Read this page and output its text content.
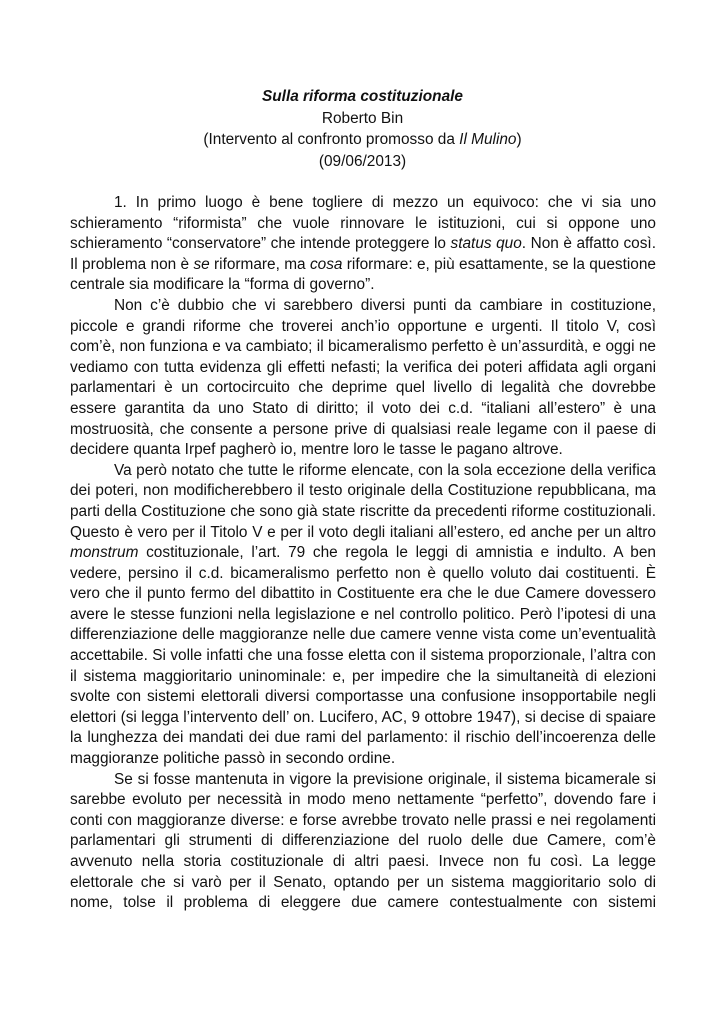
Sulla riforma costituzionale
Roberto Bin
(Intervento al confronto promosso da Il Mulino)
(09/06/2013)

1. In primo luogo è bene togliere di mezzo un equivoco: che vi sia uno schieramento “riformista” che vuole rinnovare le istituzioni, cui si oppone uno schieramento “conservatore” che intende proteggere lo status quo. Non è affatto così. Il problema non è se riformare, ma cosa riformare: e, più esattamente, se la questione centrale sia modificare la “forma di governo”.

Non c’è dubbio che vi sarebbero diversi punti da cambiare in costituzione, piccole e grandi riforme che troverei anch’io opportune e urgenti. Il titolo V, così com’è, non funziona e va cambiato; il bicameralismo perfetto è un’assurdità, e oggi ne vediamo con tutta evidenza gli effetti nefasti; la verifica dei poteri affidata agli organi parlamentari è un cortocircuito che deprime quel livello di legalità che dovrebbe essere garantita da uno Stato di diritto; il voto dei c.d. “italiani all’estero” è una mostruosità, che consente a persone prive di qualsiasi reale legame con il paese di decidere quanta Irpef pagherò io, mentre loro le tasse le pagano altrove.

Va però notato che tutte le riforme elencate, con la sola eccezione della verifica dei poteri, non modificherebbero il testo originale della Costituzione repubblicana, ma parti della Costituzione che sono già state riscritte da precedenti riforme costituzionali. Questo è vero per il Titolo V e per il voto degli italiani all’estero, ed anche per un altro monstrum costituzionale, l’art. 79 che regola le leggi di amnistia e indulto. A ben vedere, persino il c.d. bicameralismo perfetto non è quello voluto dai costituenti. È vero che il punto fermo del dibattito in Costituente era che le due Camere dovessero avere le stesse funzioni nella legislazione e nel controllo politico. Però l’ipotesi di una differenziazione delle maggioranze nelle due camere venne vista come un’eventualità accettabile. Si volle infatti che una fosse eletta con il sistema proporzionale, l’altra con il sistema maggioritario uninominale: e, per impedire che la simultaneità di elezioni svolte con sistemi elettorali diversi comportasse una confusione insopportabile negli elettori (si legga l’intervento dell’ on. Lucifero, AC, 9 ottobre 1947), si decise di spaiare la lunghezza dei mandati dei due rami del parlamento: il rischio dell’incoerenza delle maggioranze politiche passò in secondo ordine.

Se si fosse mantenuta in vigore la previsione originale, il sistema bicamerale si sarebbe evoluto per necessità in modo meno nettamente “perfetto”, dovendo fare i conti con maggioranze diverse: e forse avrebbe trovato nelle prassi e nei regolamenti parlamentari gli strumenti di differenziazione del ruolo delle due Camere, com’è avvenuto nella storia costituzionale di altri paesi. Invece non fu così. La legge elettorale che si varò per il Senato, optando per un sistema maggioritario solo di nome, tolse il problema di eleggere due camere contestualmente con sistemi
